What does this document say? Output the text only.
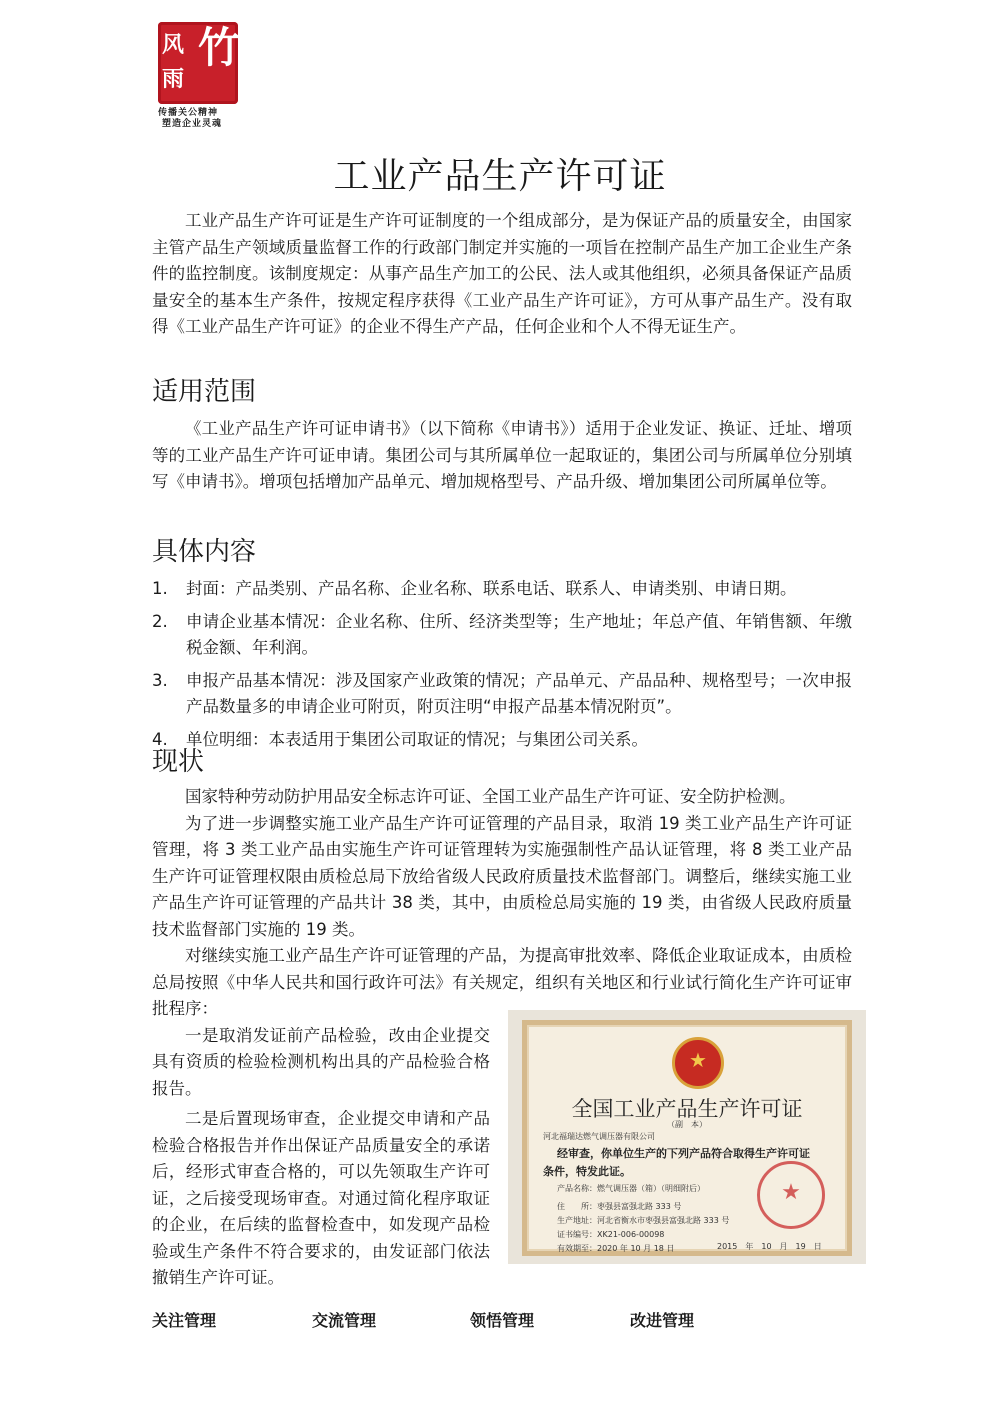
风
雨
竹
传播关公精神
塑造企业灵魂
工业产品生产许可证

工业产品生产许可证是生产许可证制度的一个组成部分，是为保证产品的质量安全，由国家主管产品生产领域质量监督工作的行政部门制定并实施的一项旨在控制产品生产加工企业生产条件的监控制度。该制度规定：从事产品生产加工的公民、法人或其他组织，必须具备保证产品质量安全的基本生产条件，按规定程序获得《工业产品生产许可证》，方可从事产品生产。没有取得《工业产品生产许可证》的企业不得生产产品，任何企业和个人不得无证生产。

适用范围

《工业产品生产许可证申请书》（以下简称《申请书》）适用于企业发证、换证、迁址、增项等的工业产品生产许可证申请。集团公司与其所属单位一起取证的，集团公司与所属单位分别填写《申请书》。增项包括增加产品单元、增加规格型号、产品升级、增加集团公司所属单位等。

具体内容
1.	封面：产品类别、产品名称、企业名称、联系电话、联系人、申请类别、申请日期。
2.	申请企业基本情况：企业名称、住所、经济类型等；生产地址；年总产值、年销售额、年缴税金额、年利润。
3.	申报产品基本情况：涉及国家产业政策的情况；产品单元、产品品种、规格型号；一次申报产品数量多的申请企业可附页，附页注明“申报产品基本情况附页”。
4.	单位明细：本表适用于集团公司取证的情况；与集团公司关系。
现状

国家特种劳动防护用品安全标志许可证、全国工业产品生产许可证、安全防护检测。

为了进一步调整实施工业产品生产许可证管理的产品目录，取消 19 类工业产品生产许可证管理，将 3 类工业产品由实施生产许可证管理转为实施强制性产品认证管理，将 8 类工业产品生产许可证管理权限由质检总局下放给省级人民政府质量技术监督部门。调整后，继续实施工业产品生产许可证管理的产品共计 38 类，其中，由质检总局实施的 19 类，由省级人民政府质量技术监督部门实施的 19 类。

对继续实施工业产品生产许可证管理的产品，为提高审批效率、降低企业取证成本，由质检总局按照《中华人民共和国行政许可法》有关规定，组织有关地区和行业试行简化生产许可证审批程序：

一是取消发证前产品检验，改由企业提交具有资质的检验检测机构出具的产品检验合格报告。

二是后置现场审查，企业提交申请和产品检验合格报告并作出保证产品质量安全的承诺后，经形式审查合格的，可以先领取生产许可证，之后接受现场审查。对通过简化程序取证的企业，在后续的监督检查中，如发现产品检验或生产条件不符合要求的，由发证部门依法撤销生产许可证。

★
全国工业产品生产许可证
（副　本）
河北福瑞达燃气调压器有限公司
经审查，你单位生产的下列产品符合取得生产许可证
条件，特发此证。
产品名称：燃气调压器（箱）（明细附后）
住　　所：枣强县富强北路 333 号
生产地址：河北省衡水市枣强县富强北路 333 号
证书编号：XK21-006-00098
有效期至：2020 年 10 月 18 日	2015　年　10　月　19　日
★
关注管理	交流管理	领悟管理	改进管理
